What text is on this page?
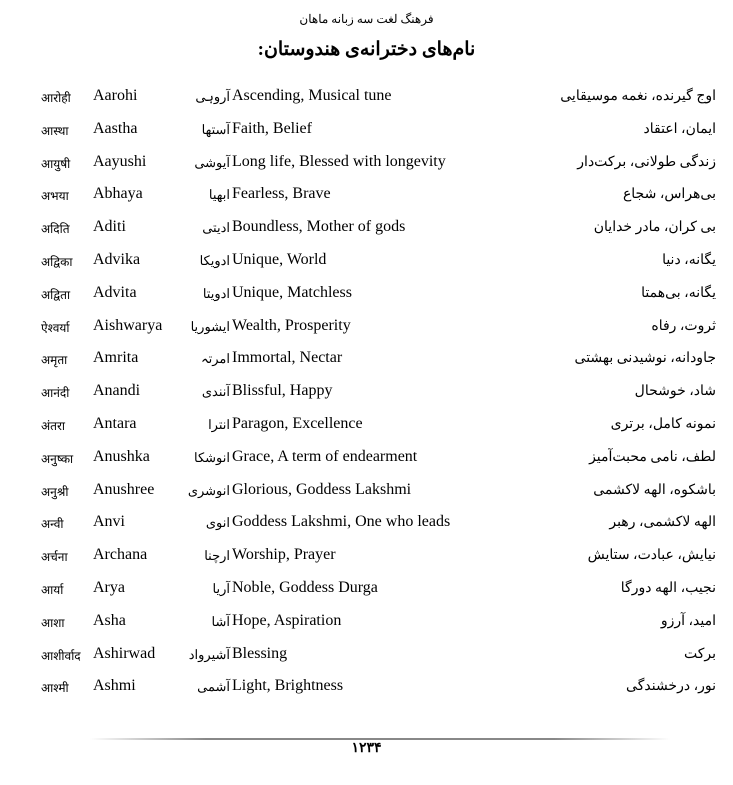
فرهنگ لغت سه زبانه ماهان
نام‌های دخترانه‌ی هندوستان:
आरोही Aarohi	آروہی Ascending, Musical tune	اوج گیرنده، نغمه موسیقایی
आस्था Aastha	آستھا Faith, Belief	ایمان، اعتقاد
आयुषी Aayushi	آیوشی Long life, Blessed with longevity	زندگی طولانی، برکت‌دار
अभया Abhaya	ابھیا Fearless, Brave	بی‌هراس، شجاع
अदिति Aditi	ادیتی Boundless, Mother of gods	بی کران، مادر خدایان
अद्विका Advika	ادویکا Unique, World	یگانه، دنیا
अद्विता Advita	ادویتا Unique, Matchless	یگانه، بی‌همتا
ऐश्वर्या Aishwarya ایشوریا Wealth, Prosperity	ثروت، رفاه
अमृता Amrita	امرتہ Immortal, Nectar	جاودانه، نوشیدنی بهشتی
आनंदी Anandi	آنندی Blissful, Happy	شاد، خوشحال
अंतरा Antara	انترا Paragon, Excellence	نمونه کامل، برتری
अनुष्का Anushka	انوشکا Grace, A term of endearment	لطف، نامی محبت‌آمیز
अनुश्री Anushree	انوشری Glorious, Goddess Lakshmi	باشکوه، الهه لاکشمی
अन्वी Anvi	انوی Goddess Lakshmi, One who leads	الهه لاکشمی، رهبر
अर्चना Archana	ارچنا Worship, Prayer	نیایش، عبادت، ستایش
आर्या Arya	آریا Noble, Goddess Durga	نجیب، الهه دورگا
आशा Asha	آشا Hope, Aspiration	امید، آرزو
आशीर्वाद Ashirwad	آشیرواد Blessing	برکت
आश्मी Ashmi	آشمی Light, Brightness	نور، درخشندگی
۱۲۳۴
